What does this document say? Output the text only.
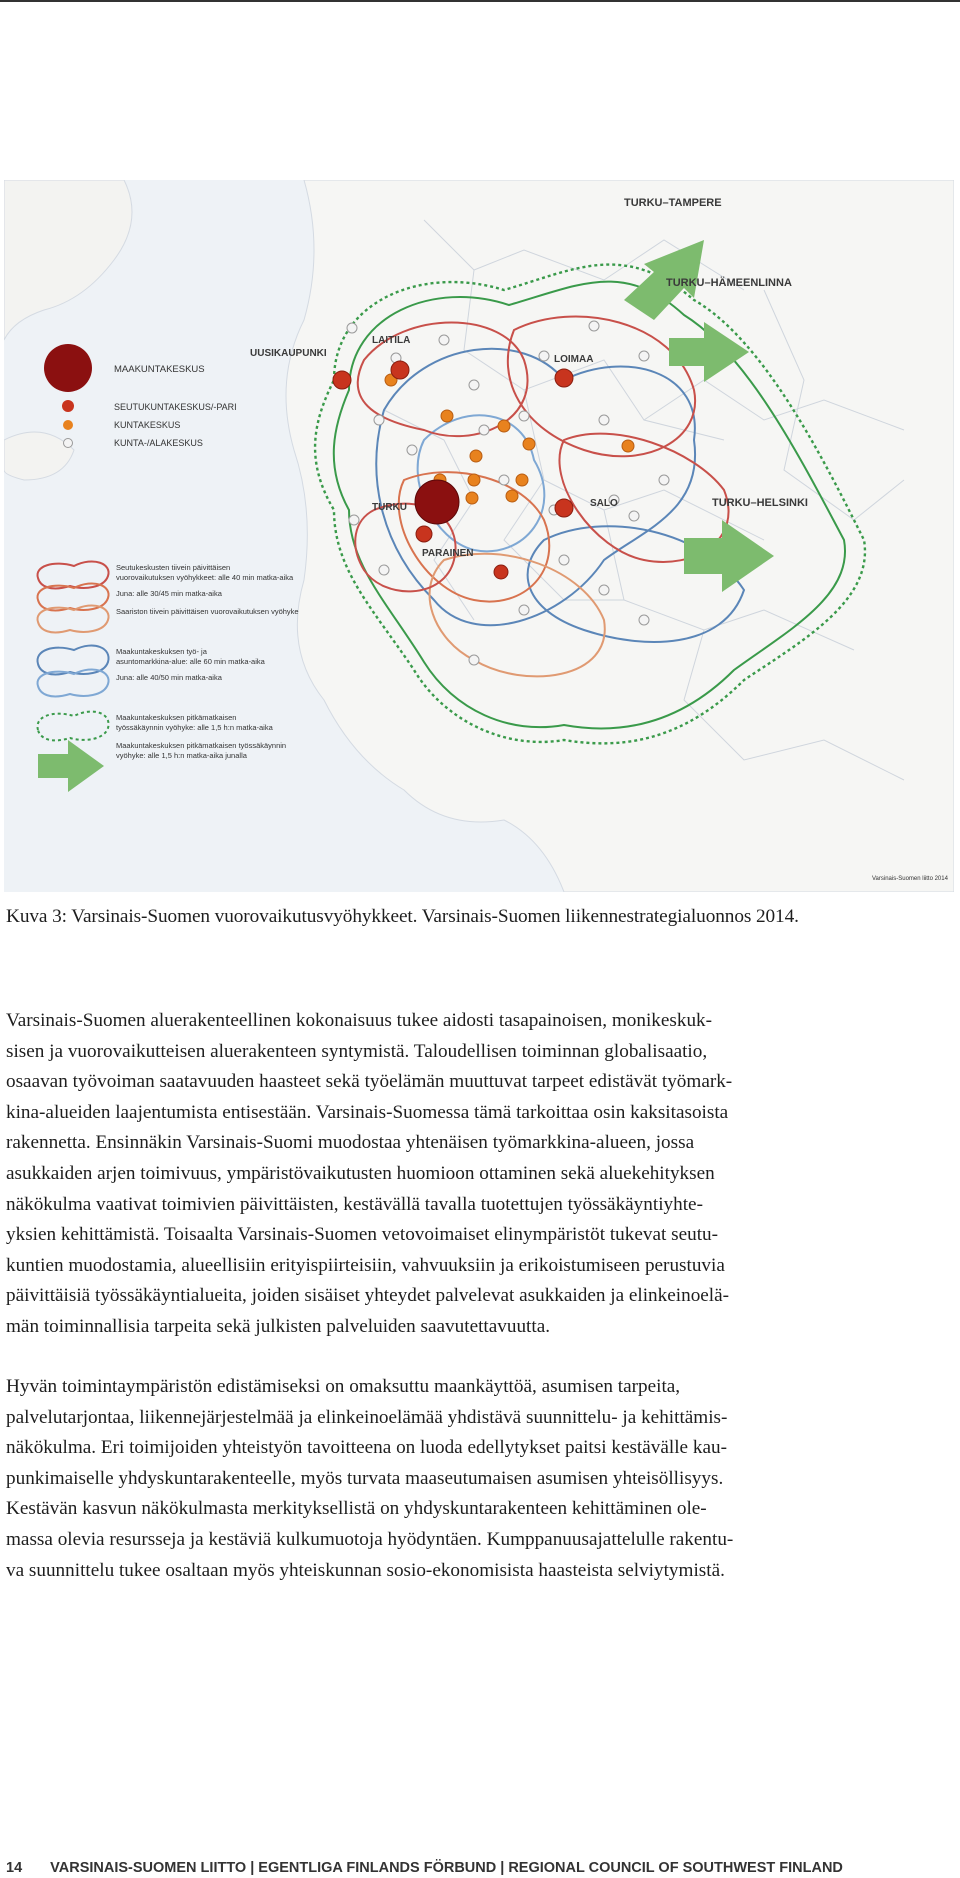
TURKU–TAMPERE
TURKU–HÄMEENLINNA
TURKU–HELSINKI
UUSIKAUPUNKI
LAITILA
LOIMAA
TURKU	SALO
PARAINEN
MAAKUNTAKESKUS
SEUTUKUNTAKESKUS/-PARI
KUNTAKESKUS
KUNTA-/ALAKESKUS
Seutukeskusten tiivein päivittäisen
vuorovaikutuksen vyöhykkeet: alle 40 min matka-aika
Juna: alle 30/45 min matka-aika
Saariston tiivein päivittäisen vuorovaikutuksen vyöhyke
Maakuntakeskuksen työ- ja
asuntomarkkina-alue: alle 60 min matka-aika
Juna: alle 40/50 min matka-aika
Maakuntakeskuksen pitkämatkaisen
työssäkäynnin vyöhyke: alle 1,5 h:n matka-aika
Maakuntakeskuksen pitkämatkaisen työssäkäynnin
vyöhyke: alle 1,5 h:n matka-aika junalla
Varsinais-Suomen liitto 2014
Kuva 3: Varsinais-Suomen vuorovaikutusvyöhykkeet. Varsinais-Suomen liikennestrategialuonnos 2014.
Varsinais-Suomen aluerakenteellinen kokonaisuus tukee aidosti tasapainoisen, monikeskuk-
sisen ja vuorovaikutteisen aluerakenteen syntymistä. Taloudellisen toiminnan globalisaatio,
osaavan työvoiman saatavuuden haasteet sekä työelämän muuttuvat tarpeet edistävät työmark-
kina-alueiden laajentumista entisestään. Varsinais-Suomessa tämä tarkoittaa osin kaksitasoista
rakennetta. Ensinnäkin Varsinais-Suomi muodostaa yhtenäisen työmarkkina-alueen, jossa
asukkaiden arjen toimivuus, ympäristövaikutusten huomioon ottaminen sekä aluekehityksen
näkökulma vaativat toimivien päivittäisten, kestävällä tavalla tuotettujen työssäkäyntiyhte-
yksien kehittämistä. Toisaalta Varsinais-Suomen vetovoimaiset elinympäristöt tukevat seutu-
kuntien muodostamia, alueellisiin erityispiirteisiin, vahvuuksiin ja erikoistumiseen perustuvia
päivittäisiä työssäkäyntialueita, joiden sisäiset yhteydet palvelevat asukkaiden ja elinkeinoelä-
män toiminnallisia tarpeita sekä julkisten palveluiden saavutettavuutta.
Hyvän toimintaympäristön edistämiseksi on omaksuttu maankäyttöä, asumisen tarpeita,
palvelutarjontaa, liikennejärjestelmää ja elinkeinoelämää yhdistävä suunnittelu- ja kehittämis-
näkökulma. Eri toimijoiden yhteistyön tavoitteena on luoda edellytykset paitsi kestävälle kau-
punkimaiselle yhdyskuntarakenteelle, myös turvata maaseutumaisen asumisen yhteisöllisyys.
Kestävän kasvun näkökulmasta merkityksellistä on yhdyskuntarakenteen kehittäminen ole-
massa olevia resursseja ja kestäviä kulkumuotoja hyödyntäen. Kumppanuusajattelulle rakentu-
va suunnittelu tukee osaltaan myös yhteiskunnan sosio-ekonomisista haasteista selviytymistä.
14 VARSINAIS-SUOMEN LIITTO | EGENTLIGA FINLANDS FÖRBUND | REGIONAL COUNCIL OF SOUTHWEST FINLAND
